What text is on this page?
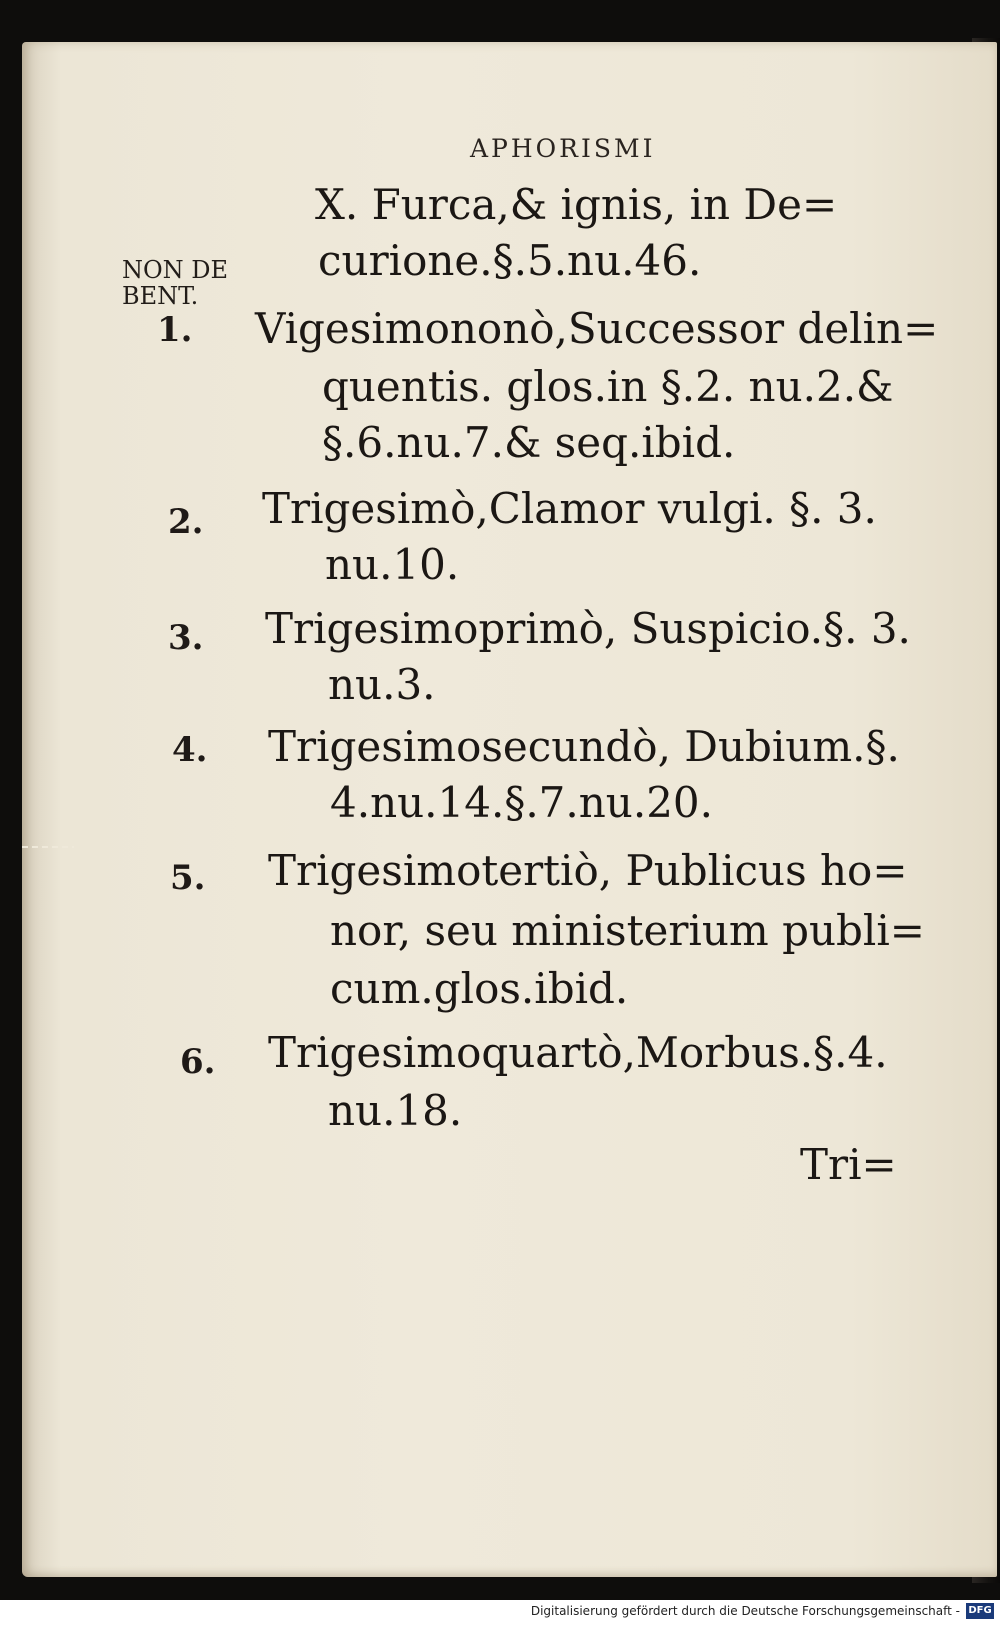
APHORISMI
NON DE
BENT.
X. Furca,& ignis, in De=
curione.§.5.nu.46.
1. Vigesimononò,Successor delin=
quentis. glos.in §.2. nu.2.&
§.6.nu.7.& seq.ibid.
2. Trigesimò,Clamor vulgi. §. 3.
nu.10.
3. Trigesimoprimò, Suspicio.§. 3.
nu.3.
4. Trigesimosecundò, Dubium.§.
4.nu.14.§.7.nu.20.
5. Trigesimotertiò, Publicus ho=
nor, seu ministerium publi=
cum.glos.ibid.
6. Trigesimoquartò,Morbus.§.4.
nu.18.
Tri=
Digitalisierung gefördert durch die Deutsche Forschungsgemeinschaft - DFG
